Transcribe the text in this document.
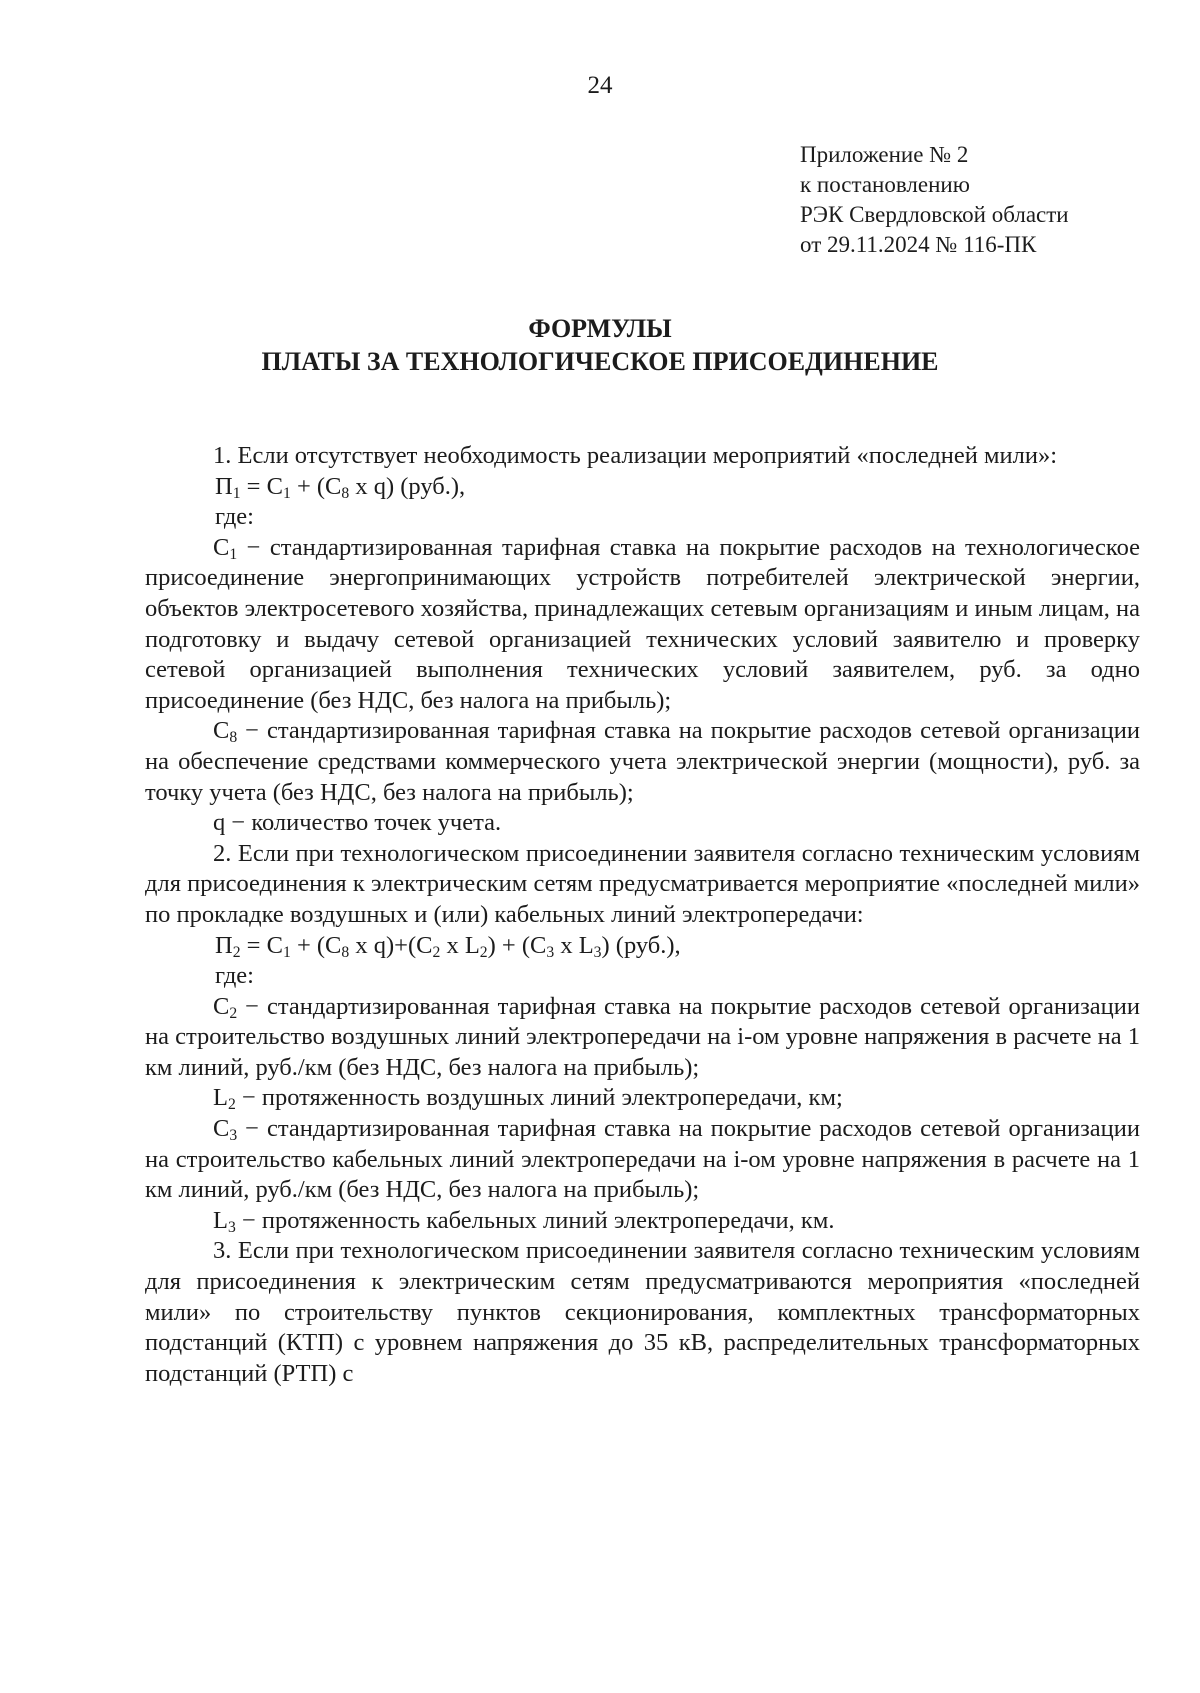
24
Приложение № 2
к постановлению
РЭК Свердловской области
от 29.11.2024 № 116-ПК
ФОРМУЛЫ
ПЛАТЫ ЗА ТЕХНОЛОГИЧЕСКОЕ ПРИСОЕДИНЕНИЕ

1. Если отсутствует необходимость реализации мероприятий «последней мили»:

$П_1 = С_1 + (С_8$ x q) (руб.),
где:

$С_1$ − стандартизированная тарифная ставка на покрытие расходов на технологическое присоединение энергопринимающих устройств потребителей электрической энергии, объектов электросетевого хозяйства, принадлежащих сетевым организациям и иным лицам, на подготовку и выдачу сетевой организацией технических условий заявителю и проверку сетевой организацией выполнения технических условий заявителем, руб. за одно присоединение (без НДС, без налога на прибыль);

$С_8$ − стандартизированная тарифная ставка на покрытие расходов сетевой организации на обеспечение средствами коммерческого учета электрической энергии (мощности), руб. за точку учета (без НДС, без налога на прибыль);

q − количество точек учета.

2. Если при технологическом присоединении заявителя согласно техническим условиям для присоединения к электрическим сетям предусматривается мероприятие «последней мили» по прокладке воздушных и (или) кабельных линий электропередачи:

$П_2 = С_1 + (С_8$ x $q)+(С_2$ x $L_2) + (С_3$ x $L_3$) (руб.),
где:

$С_2$ − стандартизированная тарифная ставка на покрытие расходов сетевой организации на строительство воздушных линий электропередачи на i-ом уровне напряжения в расчете на 1 км линий, руб./км (без НДС, без налога на прибыль);

$L_2$ − протяженность воздушных линий электропередачи, км;

$С_3$ − стандартизированная тарифная ставка на покрытие расходов сетевой организации на строительство кабельных линий электропередачи на i-ом уровне напряжения в расчете на 1 км линий, руб./км (без НДС, без налога на прибыль);

$L_3$ − протяженность кабельных линий электропередачи, км.

3. Если при технологическом присоединении заявителя согласно техническим условиям для присоединения к электрическим сетям предусматриваются мероприятия «последней мили» по строительству пунктов секционирования, комплектных трансформаторных подстанций (КТП) с уровнем напряжения до 35 кВ, распределительных трансформаторных подстанций (РТП) с
